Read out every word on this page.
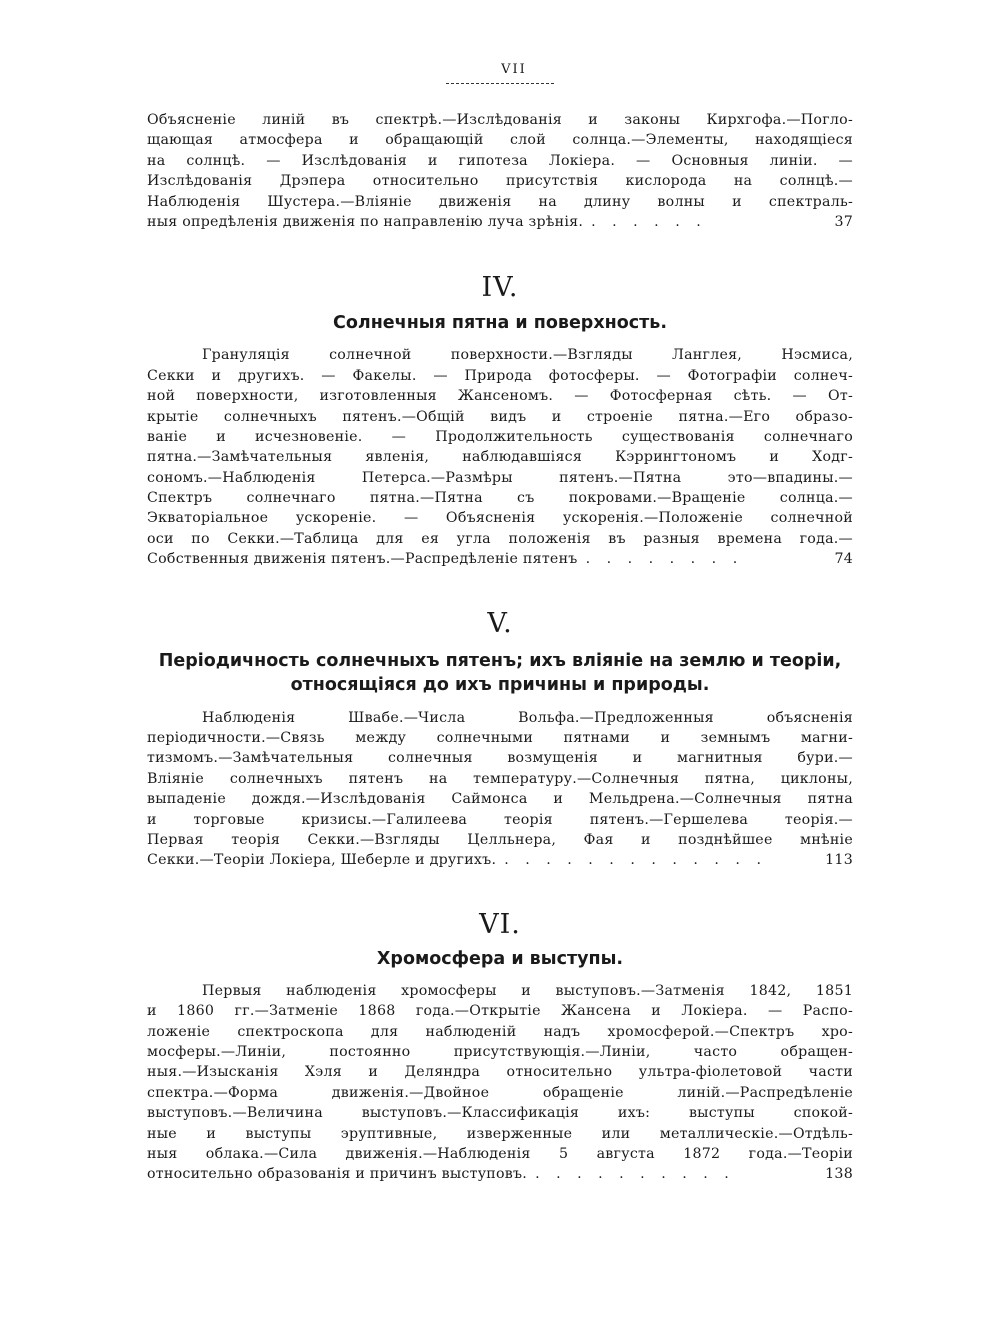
VII
Объясненіе линій въ спектрѣ.—Изслѣдованія и законы Кирхгофа.—Погло-
щающая атмосфера и обращающій слой солнца.—Элементы, находящіеся
на солнцѣ. — Изслѣдованія и гипотеза Локіера. — Основныя линіи. —
Изслѣдованія Дрэпера относительно присутствія кислорода на солнцѣ.—
Наблюденія Шустера.—Вліяніе движенія на длину волны и спектраль-
ныя опредѣленія движенія по направленію луча зрѣнія. . . . . . .	37
IV.
Солнечныя пятна и поверхность.
Грануляція солнечной поверхности.—Взгляды Ланглея, Нэсмиса,
Секки и другихъ. — Факелы. — Природа фотосферы. — Фотографіи солнеч-
ной поверхности, изготовленныя Жансеномъ. — Фотосферная сѣть. — От-
крытіе солнечныхъ пятенъ.—Общій видъ и строеніе пятна.—Его образо-
ваніе и исчезновеніе. — Продолжительность существованія солнечнаго
пятна.—Замѣчательныя явленія, наблюдавшіяся Кэррингтономъ и Ходг-
сономъ.—Наблюденія Петерса.—Размѣры пятенъ.—Пятна это—впадины.—
Спектръ солнечнаго пятна.—Пятна съ покровами.—Вращеніе солнца.—
Экваторіальное ускореніе. — Объясненія ускоренія.—Положеніе солнечной
оси по Секки.—Таблица для ея угла положенія въ разныя времена года.—
Собственныя движенія пятенъ.—Распредѣленіе пятенъ . . . . . . . .	74
V.
Періодичность солнечныхъ пятенъ; ихъ вліяніе на землю и теоріи,
относящіяся до ихъ причины и природы.
Наблюденія Швабе.—Числа Вольфа.—Предложенныя объясненія
періодичности.—Связь между солнечными пятнами и земнымъ магни-
тизмомъ.—Замѣчательныя солнечныя возмущенія и магнитныя бури.—
Вліяніе солнечныхъ пятенъ на температуру.—Солнечныя пятна, циклоны,
выпаденіе дождя.—Изслѣдованія Саймонса и Мельдрена.—Солнечныя пятна
и торговые кризисы.—Галилеева теорія пятенъ.—Гершелева теорія.—
Первая теорія Секки.—Взгляды Целльнера, Фая и позднѣйшее мнѣніе
Секки.—Теоріи Локіера, Шеберле и другихъ. . . . . . . . . . . . . .	113
VI.
Хромосфера и выступы.
Первыя наблюденія хромосферы и выступовъ.—Затменія 1842, 1851
и 1860 гг.—Затменіе 1868 года.—Открытіе Жансена и Локіера. — Распо-
ложеніе спектроскопа для наблюденій надъ хромосферой.—Спектръ хро-
мосферы.—Линіи, постоянно присутствующія.—Линіи, часто обращен-
ныя.—Изысканія Хэля и Деляндра относительно ультра-фіолетовой части
спектра.—Форма движенія.—Двойное обращеніе линій.—Распредѣленіе
выступовъ.—Величина выступовъ.—Классификація ихъ: выступы спокой-
ные и выступы эруптивные, изверженные или металлическіе.—Отдѣль-
ныя облака.—Сила движенія.—Наблюденія 5 августа 1872 года.—Теоріи
относительно образованія и причинъ выступовъ. . . . . . . . . . .	138
